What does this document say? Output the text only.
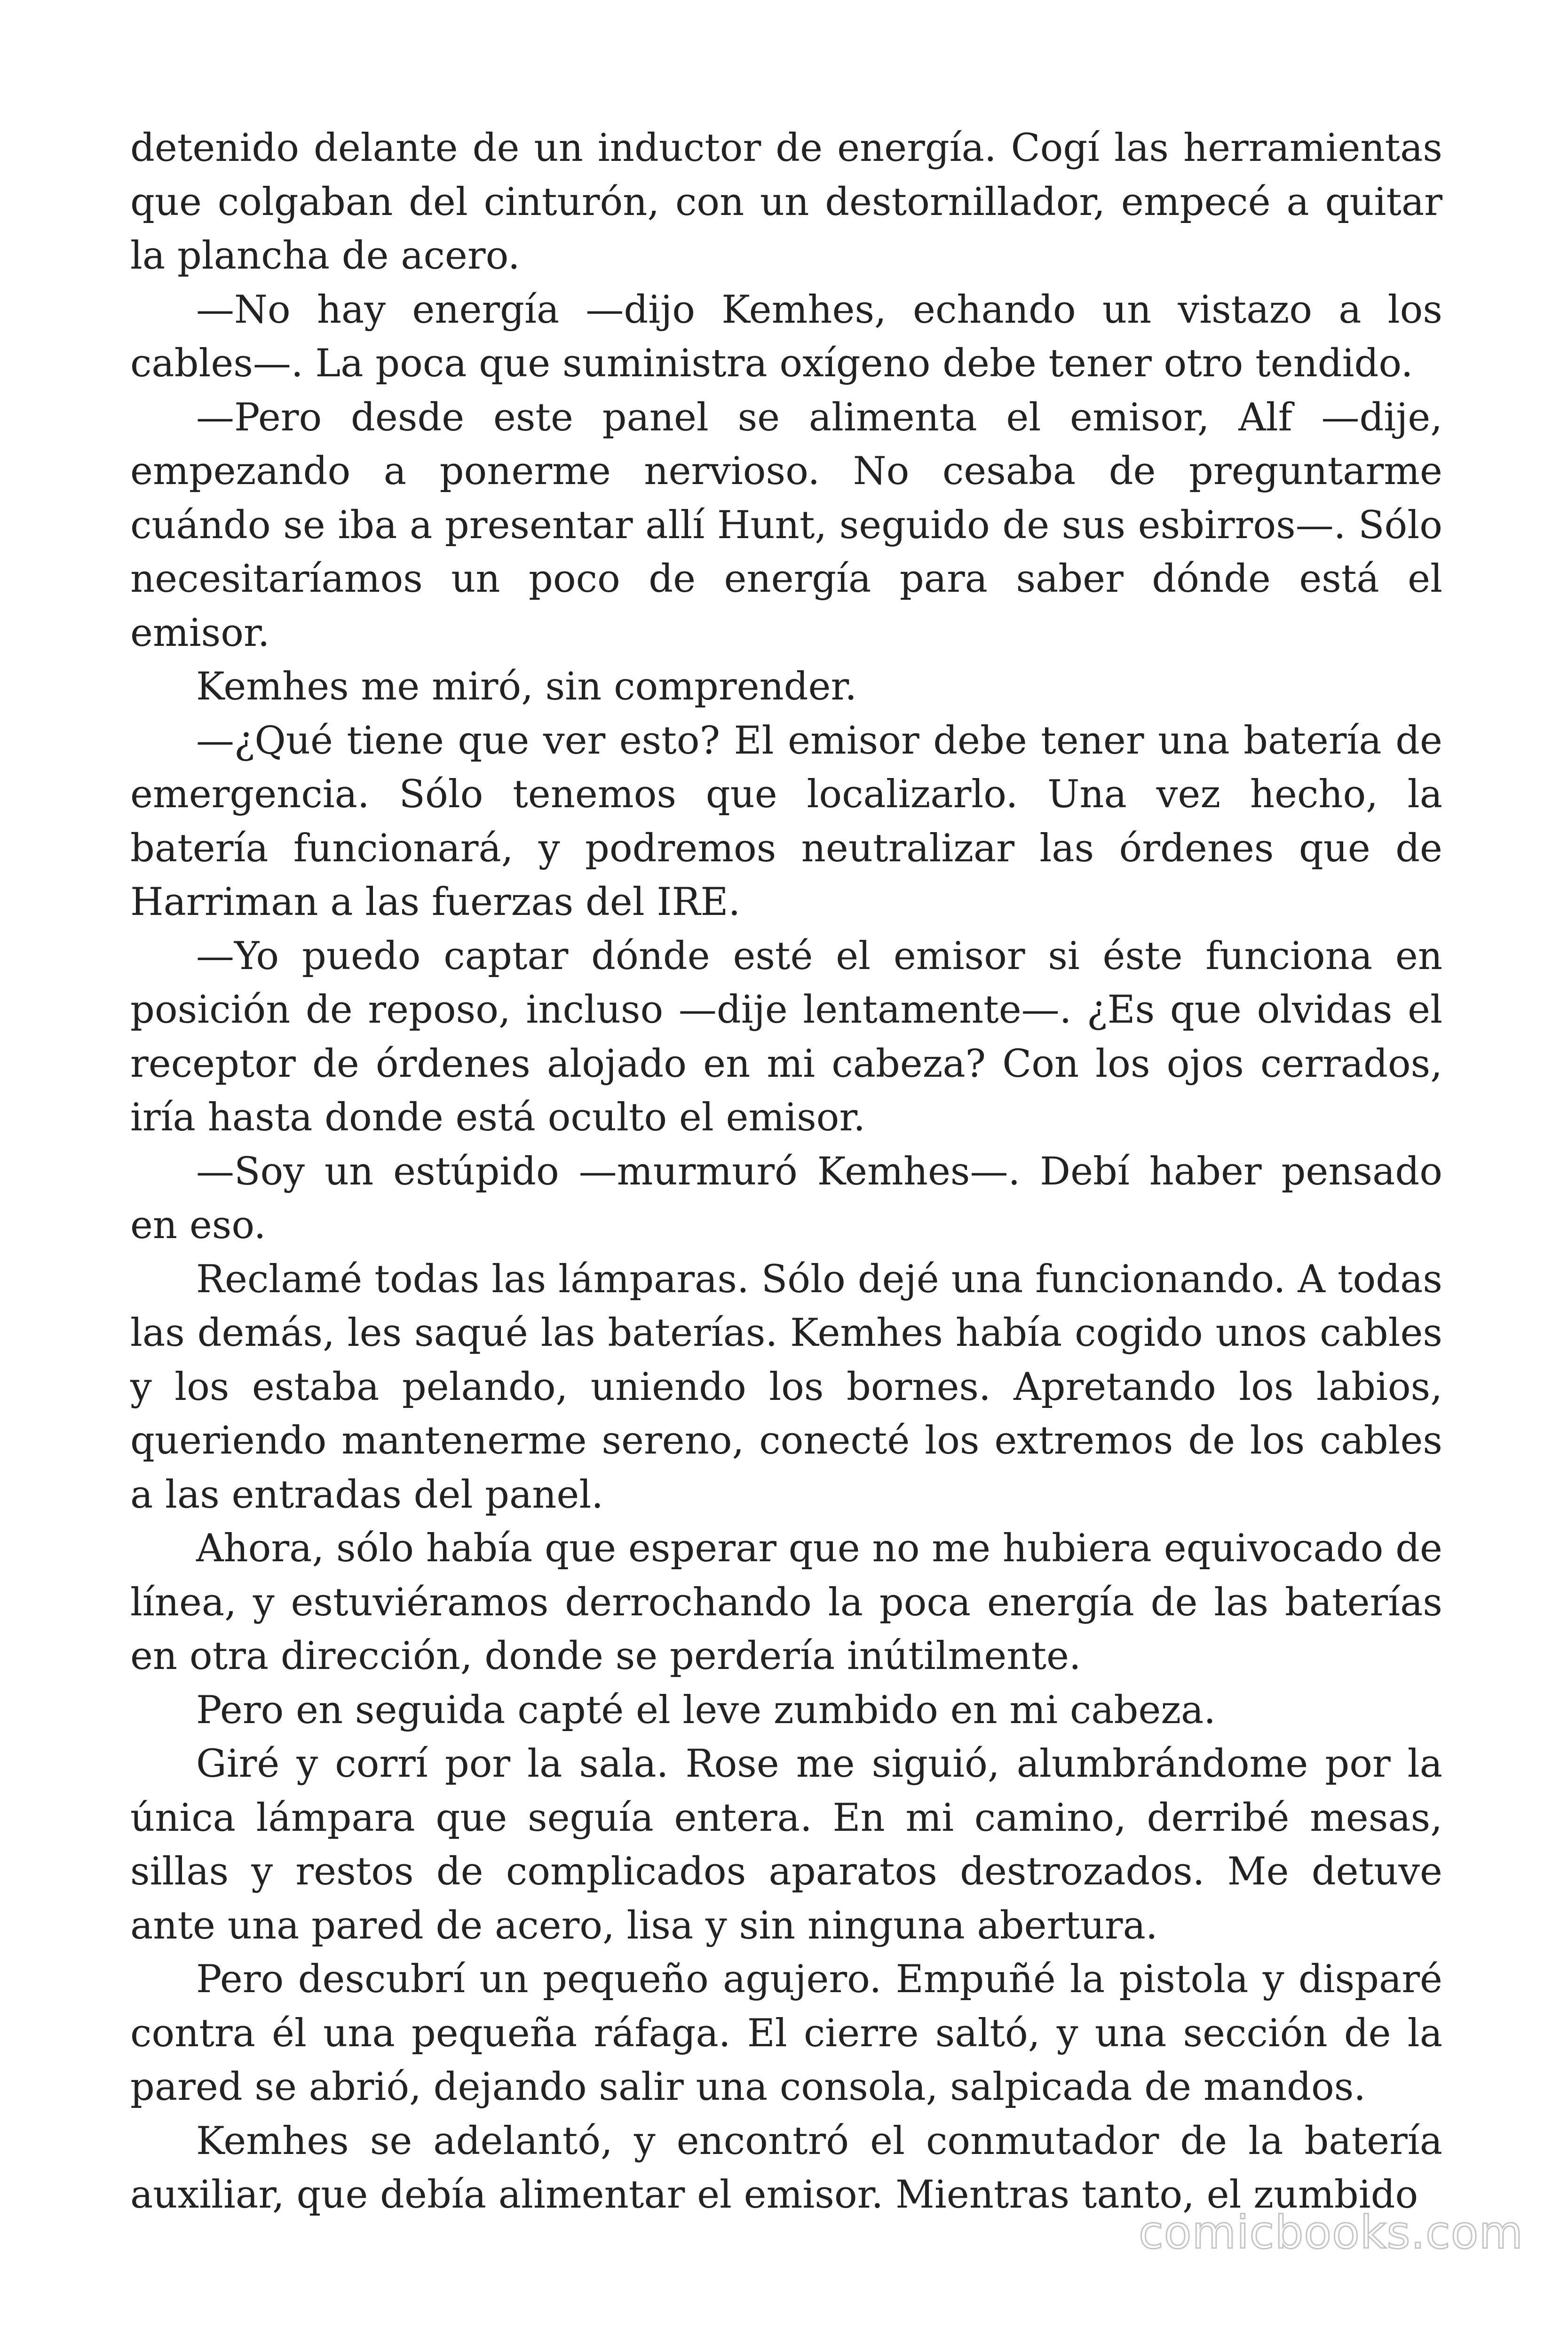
detenido delante de un inductor de energía. Cogí las herramientas que colgaban del cinturón, con un destornillador, empecé a quitar la plancha de acero.

—No hay energía —dijo Kemhes, echando un vistazo a los cables—. La poca que suministra oxígeno debe tener otro tendido.

—Pero desde este panel se alimenta el emisor, Alf —dije, empezando a ponerme nervioso. No cesaba de preguntarme cuándo se iba a presentar allí Hunt, seguido de sus esbirros—. Sólo necesitaríamos un poco de energía para saber dónde está el emisor.

Kemhes me miró, sin comprender.

—¿Qué tiene que ver esto? El emisor debe tener una batería de emergencia. Sólo tenemos que localizarlo. Una vez hecho, la batería funcionará, y podremos neutralizar las órdenes que de Harriman a las fuerzas del IRE.

—Yo puedo captar dónde esté el emisor si éste funciona en posición de reposo, incluso —dije lentamente—. ¿Es que olvidas el receptor de órdenes alojado en mi cabeza? Con los ojos cerrados, iría hasta donde está oculto el emisor.

—Soy un estúpido —murmuró Kemhes—. Debí haber pensado en eso.

Reclamé todas las lámparas. Sólo dejé una funcionando. A todas las demás, les saqué las baterías. Kemhes había cogido unos cables y los estaba pelando, uniendo los bornes. Apretando los labios, queriendo mantenerme sereno, conecté los extremos de los cables a las entradas del panel.

Ahora, sólo había que esperar que no me hubiera equivocado de línea, y estuviéramos derrochando la poca energía de las baterías en otra dirección, donde se perdería inútilmente.

Pero en seguida capté el leve zumbido en mi cabeza.

Giré y corrí por la sala. Rose me siguió, alumbrándome por la única lámpara que seguía entera. En mi camino, derribé mesas, sillas y restos de complicados aparatos destrozados. Me detuve ante una pared de acero, lisa y sin ninguna abertura.

Pero descubrí un pequeño agujero. Empuñé la pistola y disparé contra él una pequeña ráfaga. El cierre saltó, y una sección de la pared se abrió, dejando salir una consola, salpicada de mandos.

Kemhes se adelantó, y encontró el conmutador de la batería auxiliar, que debía alimentar el emisor. Mientras tanto, el zumbido

comicbooks.com
